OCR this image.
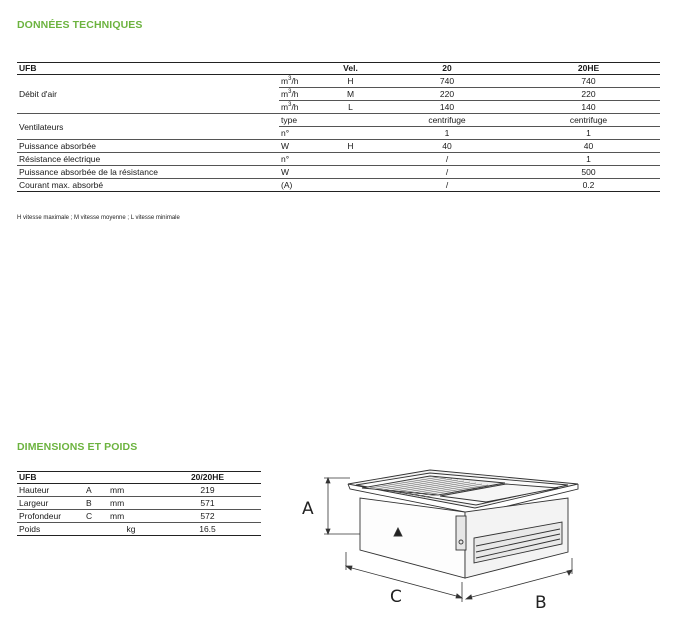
DONNÉES TECHNIQUES
UFB		Vel.	20	20HE
Débit d'air	$m^3/h$	H	740	740
	$m^3/h$	M	220	220
	$m^3/h$	L	140	140
Ventilateurs	type		centrifuge	centrifuge
	n°		1	1
Puissance absorbée	W	H	40	40
Résistance électrique	n°		/	1
Puissance absorbée de la résistance	W		/	500
Courant max. absorbé	(A)		/	0.2
H vitesse maximale ; M vitesse moyenne ; L vitesse minimale
DIMENSIONS ET POIDS
UFB			20/20HE
Hauteur	A	mm	219
Largeur	B	mm	571
Profondeur	C	mm	572
Poids		kg	16.5
A
C	B
